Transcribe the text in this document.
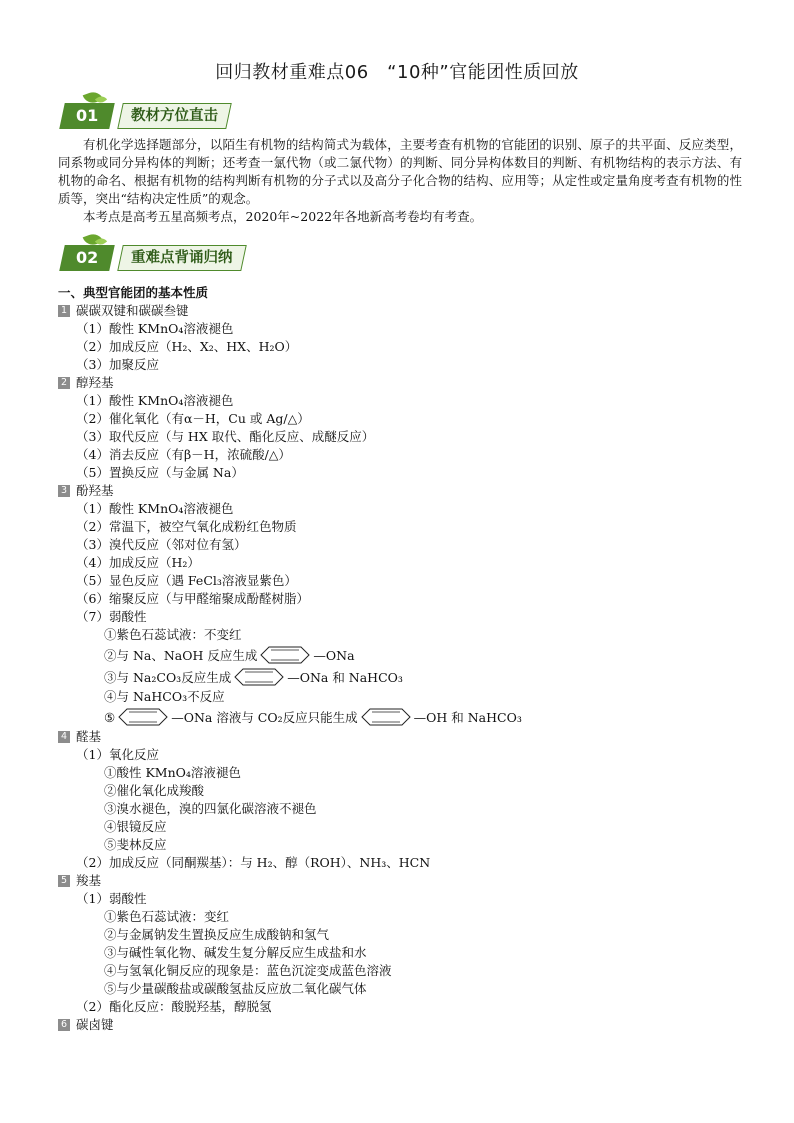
回归教材重难点06　“10种”官能团性质回放
01	教材方位直击

有机化学选择题部分，以陌生有机物的结构简式为载体，主要考查有机物的官能团的识别、原子的共平面、反应类型，同系物或同分异构体的判断；还考查一氯代物（或二氯代物）的判断、同分异构体数目的判断、有机物结构的表示方法、有机物的命名、根据有机物的结构判断有机物的分子式以及高分子化合物的结构、应用等；从定性或定量角度考查有机物的性质等，突出“结构决定性质”的观念。

本考点是高考五星高频考点，2020年~2022年各地新高考卷均有考查。

02	重难点背诵归纳
一、典型官能团的基本性质
1 碳碳双键和碳碳叁键
（1）酸性 KMnO₄溶液褪色
（2）加成反应（H₂、X₂、HX、H₂O）
（3）加聚反应
2 醇羟基
（1）酸性 KMnO₄溶液褪色
（2）催化氧化（有α－H，Cu 或 Ag/△）
（3）取代反应（与 HX 取代、酯化反应、成醚反应）
（4）消去反应（有β－H，浓硫酸/△）
（5）置换反应（与金属 Na）
3 酚羟基
（1）酸性 KMnO₄溶液褪色
（2）常温下，被空气氧化成粉红色物质
（3）溴代反应（邻对位有氢）
（4）加成反应（H₂）
（5）显色反应（遇 FeCl₃溶液显紫色）
（6）缩聚反应（与甲醛缩聚成酚醛树脂）
（7）弱酸性
①紫色石蕊试液：不变红
②与 Na、NaOH 反应生成	—ONa
③与 Na₂CO₃反应生成	—ONa 和 NaHCO₃
④与 NaHCO₃不反应
⑤	—ONa 溶液与 CO₂反应只能生成	—OH 和 NaHCO₃
4 醛基
（1）氧化反应
①酸性 KMnO₄溶液褪色
②催化氧化成羧酸
③溴水褪色，溴的四氯化碳溶液不褪色
④银镜反应
⑤斐林反应
（2）加成反应（同酮羰基）：与 H₂、醇（ROH）、NH₃、HCN
5 羧基
（1）弱酸性
①紫色石蕊试液：变红
②与金属钠发生置换反应生成酸钠和氢气
③与碱性氧化物、碱发生复分解反应生成盐和水
④与氢氧化铜反应的现象是：蓝色沉淀变成蓝色溶液
⑤与少量碳酸盐或碳酸氢盐反应放二氧化碳气体
（2）酯化反应：酸脱羟基，醇脱氢
6 碳卤键
